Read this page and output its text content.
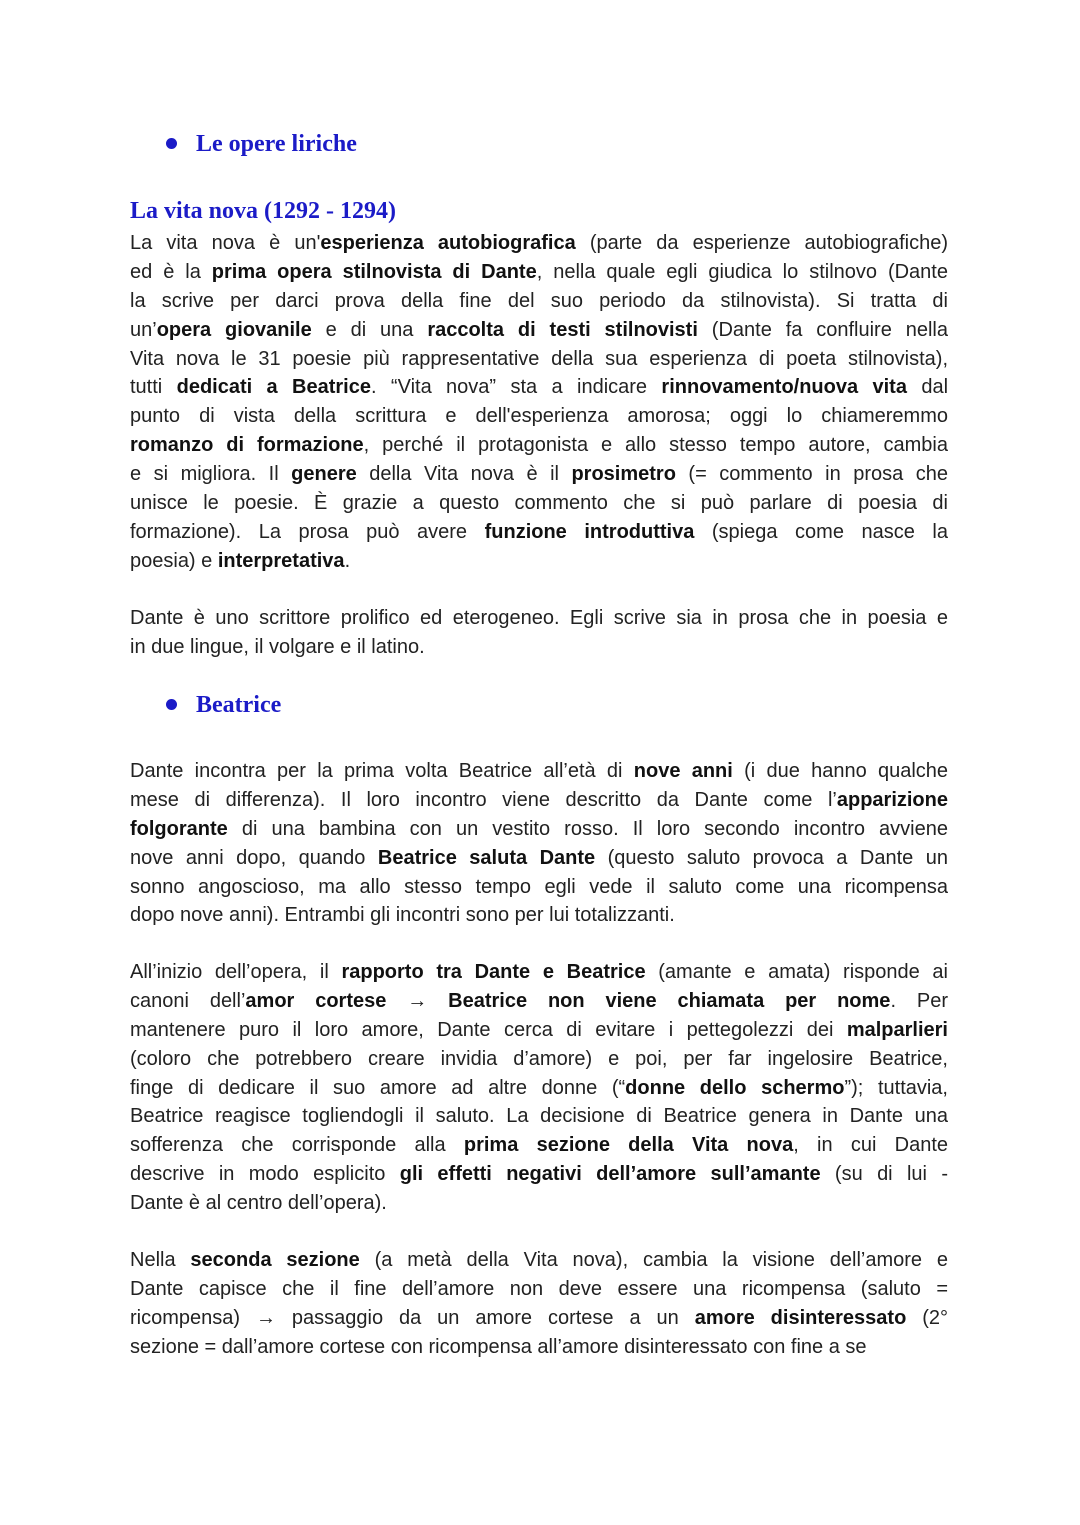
Le opere liriche
La vita nova (1292 - 1294)
La vita nova è un'esperienza autobiografica (parte da esperienze autobiografiche)
ed è la prima opera stilnovista di Dante, nella quale egli giudica lo stilnovo (Dante
la scrive per darci prova della fine del suo periodo da stilnovista). Si tratta di
un’opera giovanile e di una raccolta di testi stilnovisti (Dante fa confluire nella
Vita nova le 31 poesie più rappresentative della sua esperienza di poeta stilnovista),
tutti dedicati a Beatrice. “Vita nova” sta a indicare rinnovamento/nuova vita dal
punto di vista della scrittura e dell'esperienza amorosa; oggi lo chiameremmo
romanzo di formazione, perché il protagonista e allo stesso tempo autore, cambia
e si migliora. Il genere della Vita nova è il prosimetro (= commento in prosa che
unisce le poesie. È grazie a questo commento che si può parlare di poesia di
formazione). La prosa può avere funzione introduttiva (spiega come nasce la
poesia) e interpretativa.
Dante è uno scrittore prolifico ed eterogeneo. Egli scrive sia in prosa che in poesia e
in due lingue, il volgare e il latino.
Beatrice
Dante incontra per la prima volta Beatrice all’età di nove anni (i due hanno qualche
mese di differenza). Il loro incontro viene descritto da Dante come l’apparizione
folgorante di una bambina con un vestito rosso. Il loro secondo incontro avviene
nove anni dopo, quando Beatrice saluta Dante (questo saluto provoca a Dante un
sonno angoscioso, ma allo stesso tempo egli vede il saluto come una ricompensa
dopo nove anni). Entrambi gli incontri sono per lui totalizzanti.
All’inizio dell’opera, il rapporto tra Dante e Beatrice (amante e amata) risponde ai
canoni dell’amor cortese → Beatrice non viene chiamata per nome. Per
mantenere puro il loro amore, Dante cerca di evitare i pettegolezzi dei malparlieri
(coloro che potrebbero creare invidia d’amore) e poi, per far ingelosire Beatrice,
finge di dedicare il suo amore ad altre donne (“donne dello schermo”); tuttavia,
Beatrice reagisce togliendogli il saluto. La decisione di Beatrice genera in Dante una
sofferenza che corrisponde alla prima sezione della Vita nova, in cui Dante
descrive in modo esplicito gli effetti negativi dell’amore sull’amante (su di lui -
Dante è al centro dell’opera).
Nella seconda sezione (a metà della Vita nova), cambia la visione dell’amore e
Dante capisce che il fine dell’amore non deve essere una ricompensa (saluto =
ricompensa) → passaggio da un amore cortese a un amore disinteressato (2°
sezione = dall’amore cortese con ricompensa all’amore disinteressato con fine a se
